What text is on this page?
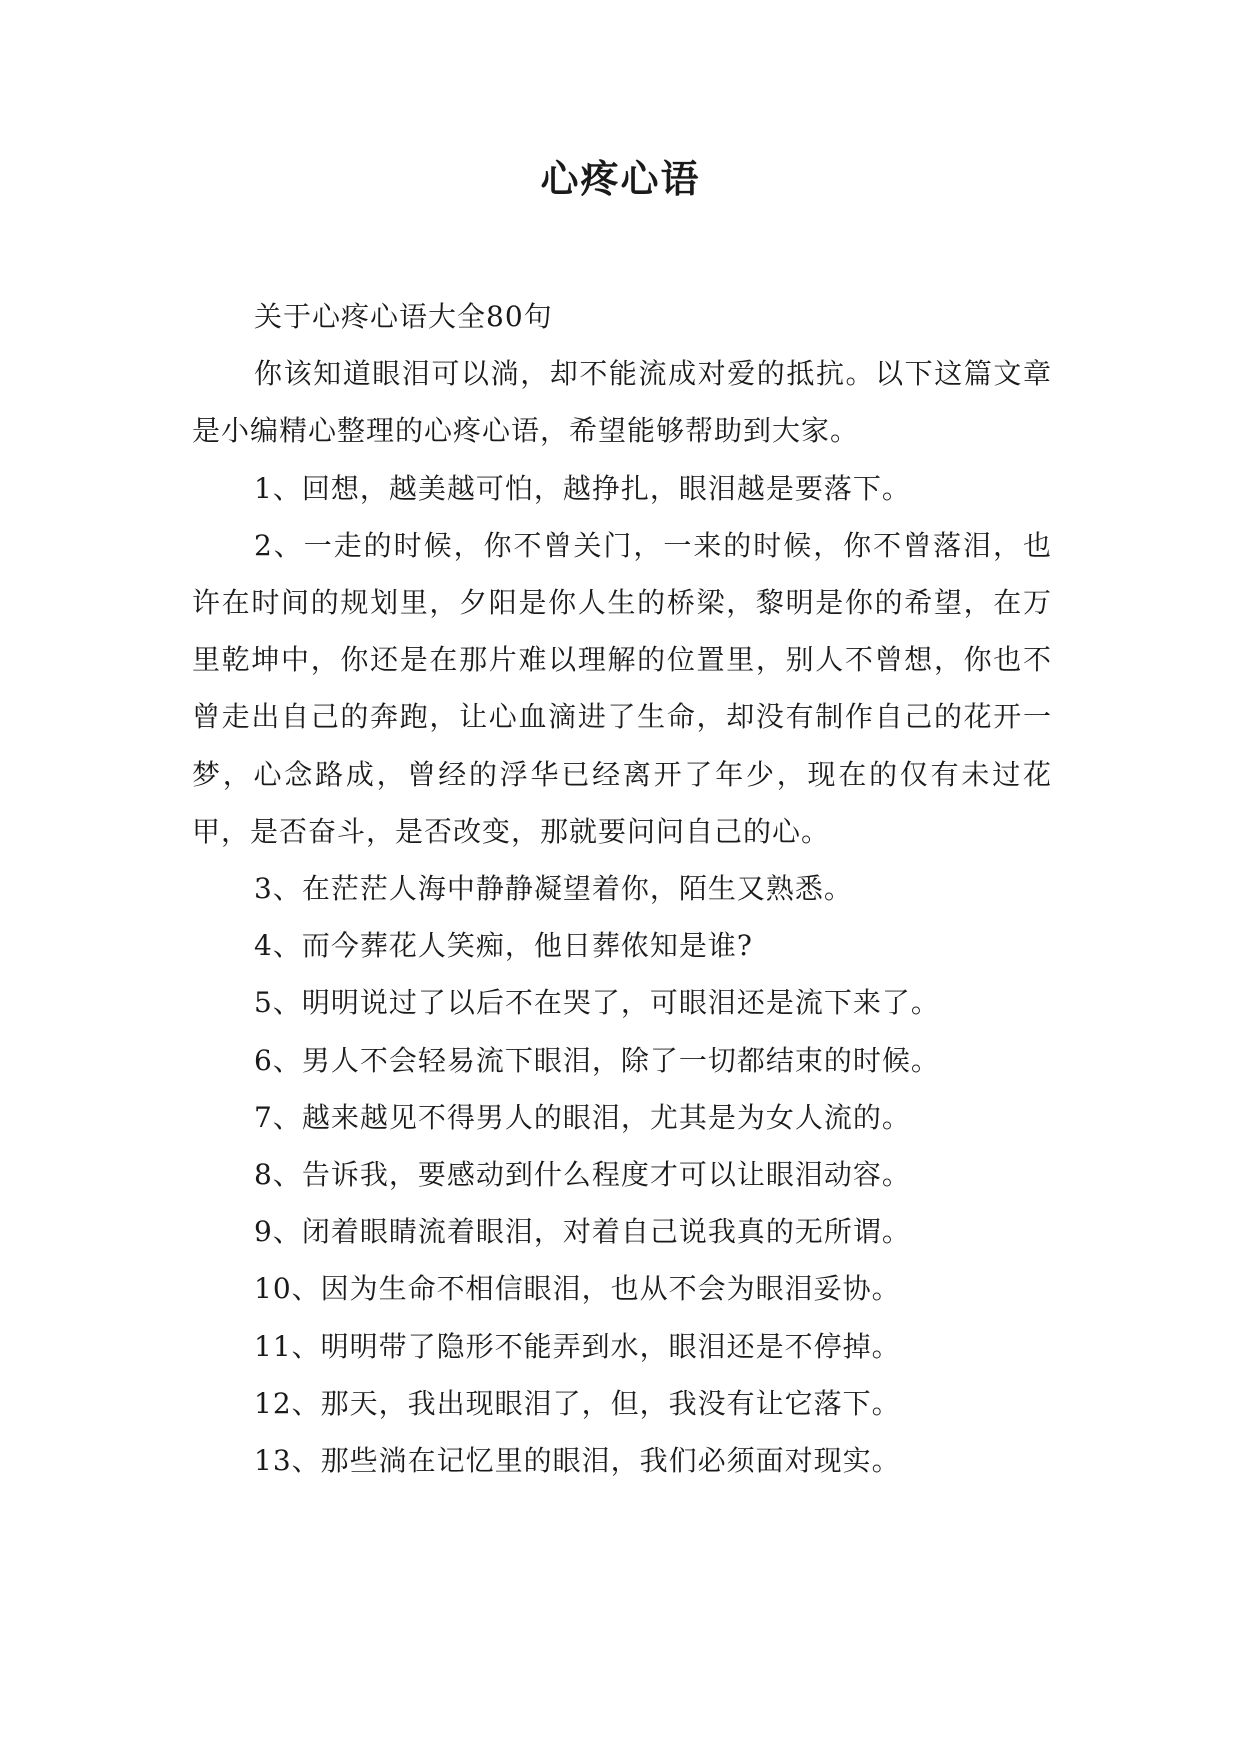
心疼心语

关于心疼心语大全80句

你该知道眼泪可以淌，却不能流成对爱的抵抗。以下这篇文章是小编精心整理的心疼心语，希望能够帮助到大家。

1、回想，越美越可怕，越挣扎，眼泪越是要落下。

2、一走的时候，你不曾关门，一来的时候，你不曾落泪，也许在时间的规划里，夕阳是你人生的桥梁，黎明是你的希望，在万里乾坤中，你还是在那片难以理解的位置里，别人不曾想，你也不曾走出自己的奔跑，让心血滴进了生命，却没有制作自己的花开一梦，心念路成，曾经的浮华已经离开了年少，现在的仅有未过花甲，是否奋斗，是否改变，那就要问问自己的心。

3、在茫茫人海中静静凝望着你，陌生又熟悉。

4、而今葬花人笑痴，他日葬侬知是谁?

5、明明说过了以后不在哭了，可眼泪还是流下来了。

6、男人不会轻易流下眼泪，除了一切都结束的时候。

7、越来越见不得男人的眼泪，尤其是为女人流的。

8、告诉我，要感动到什么程度才可以让眼泪动容。

9、闭着眼睛流着眼泪，对着自己说我真的无所谓。

10、因为生命不相信眼泪，也从不会为眼泪妥协。

11、明明带了隐形不能弄到水，眼泪还是不停掉。

12、那天，我出现眼泪了，但，我没有让它落下。

13、那些淌在记忆里的眼泪，我们必须面对现实。
